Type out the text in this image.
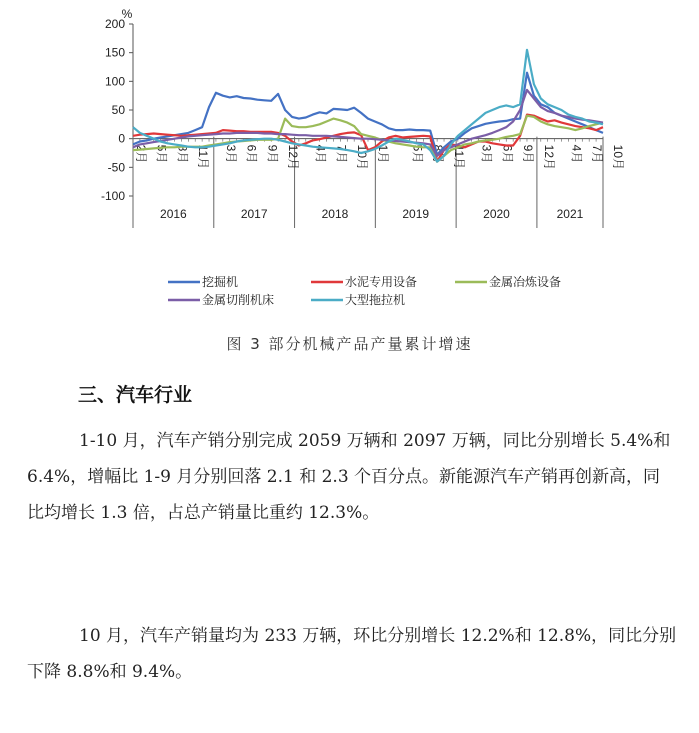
200
150
100
50
0
-50
-100
%
2016	2017	2018	2019	2020	2021
2月 5月 8月 11月 3月 6月 9月 12月 4月 7月 10月 1月 5月 8月 11月 3月 6月 9月 12月 4月 7月 10月
挖掘机	水泥专用设备	金属冶炼设备
金属切削机床	大型拖拉机
图 3 部分机械产品产量累计增速
三、汽车行业

1-10 月，汽车产销分别完成 2059 万辆和 2097 万辆，同比分别增长 5.4%和 6.4%，增幅比 1-9 月分别回落 2.1 和 2.3 个百分点。新能源汽车产销再创新高，同比均增长 1.3 倍，占总产销量比重约 12.3%。

10 月，汽车产销量均为 233 万辆，环比分别增长 12.2%和 12.8%，同比分别下降 8.8%和 9.4%。
